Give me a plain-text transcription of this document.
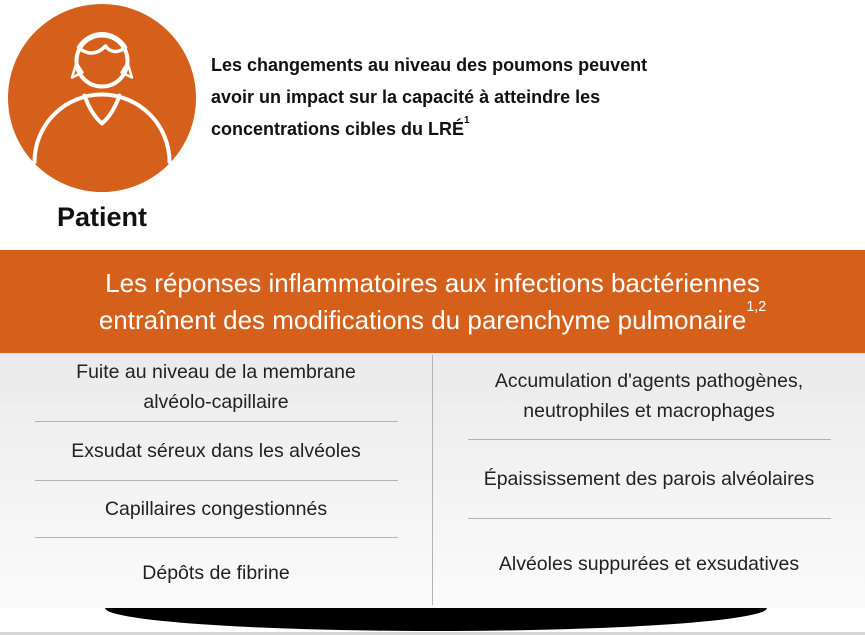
Patient
Les changements au niveau des poumons peuvent
avoir un impact sur la capacité à atteindre les
concentrations cibles du LRÉ$^1$
Les réponses inflammatoires aux infections bactériennes
entraînent des modifications du parenchyme pulmonaire$^{1,2}$
Fuite au niveau de la membrane alvéolo-capillaire
Exsudat séreux dans les alvéoles
Capillaires congestionnés
Dépôts de fibrine
Accumulation d'agents pathogènes, neutrophiles et macrophages
Épaississement des parois alvéolaires
Alvéoles suppurées et exsudatives
